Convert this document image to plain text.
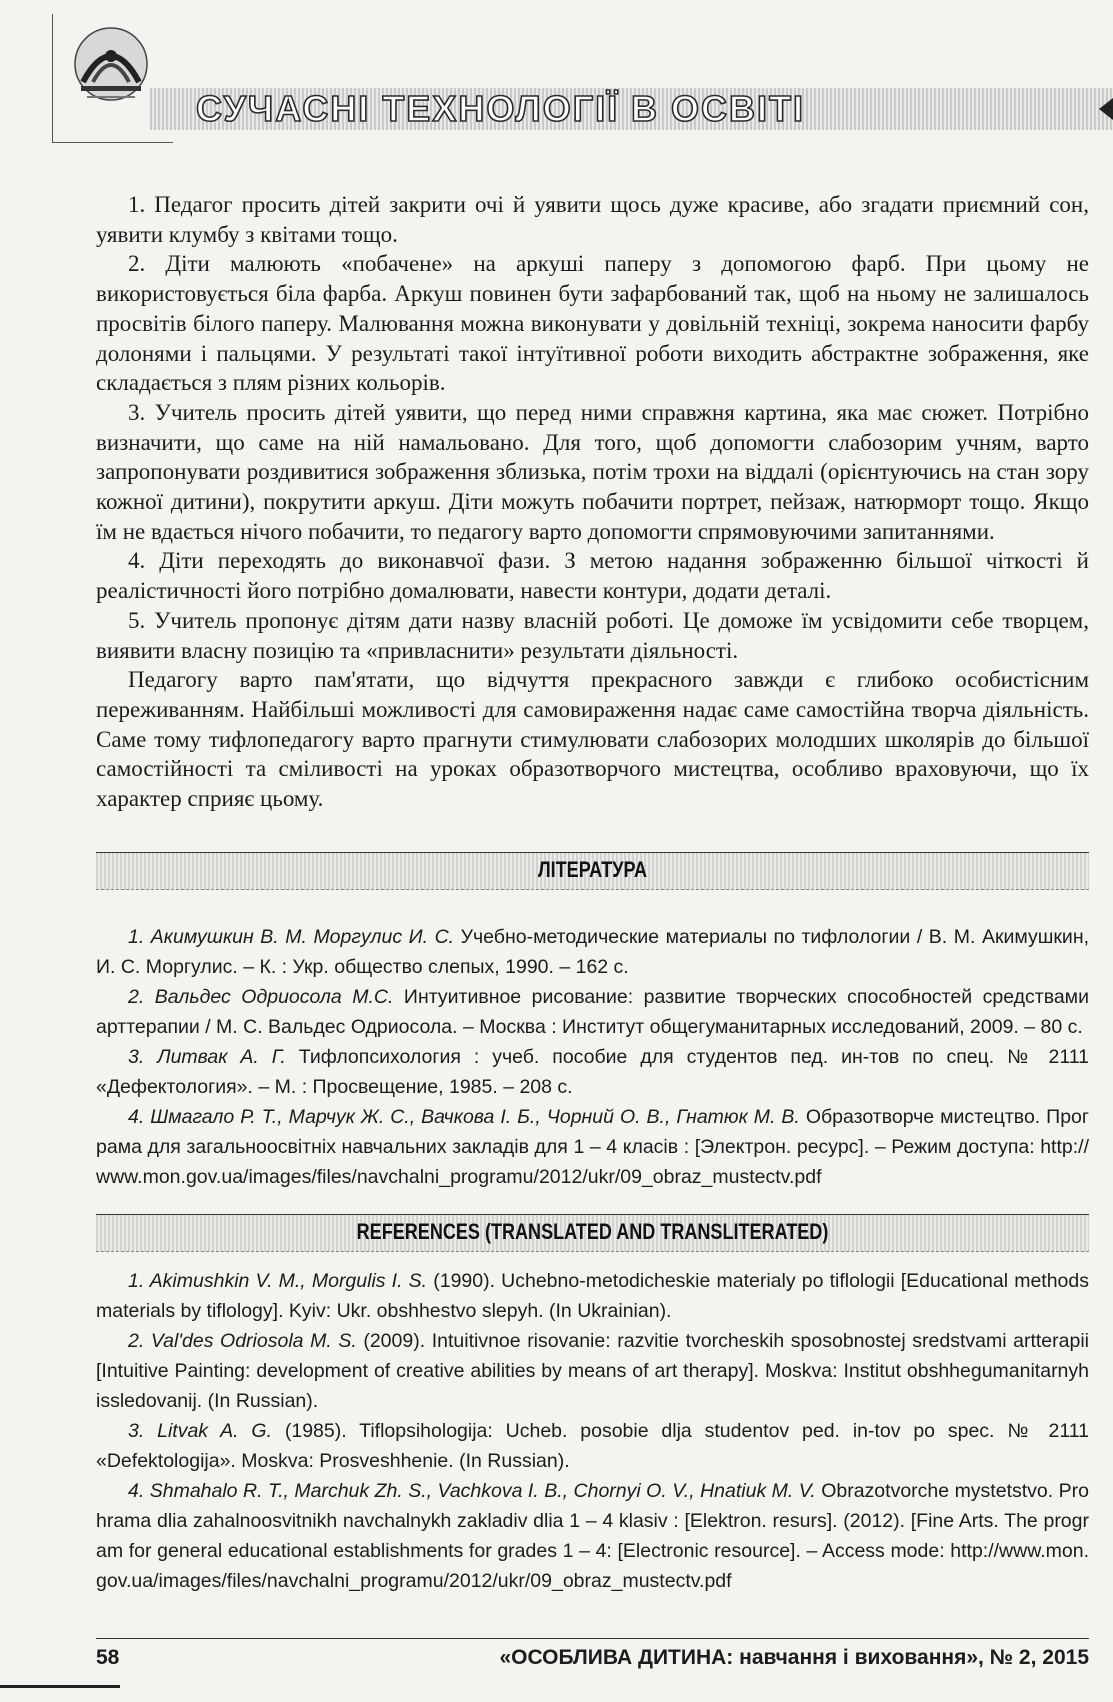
СУЧАСНІ ТЕХНОЛОГІЇ В ОСВІТІ

1. Педагог просить дітей закрити очі й уявити щось дуже красиве, або згадати приємний сон, уявити клумбу з квітами тощо.

2. Діти малюють «побачене» на аркуші паперу з допомогою фарб. При цьому не використовується біла фарба. Аркуш повинен бути зафарбований так, щоб на ньому не залишалось просвітів білого паперу. Малювання можна виконувати у довільній техніці, зокрема наносити фарбу долонями і пальцями. У результаті такої інтуїтивної роботи виходить абстрактне зображення, яке складається з плям різних кольорів.

3. Учитель просить дітей уявити, що перед ними справжня картина, яка має сюжет. Потрібно визначити, що саме на ній намальовано. Для того, щоб допомогти слабозорим учням, варто запропонувати роздивитися зображення зблизька, потім трохи на віддалі (орієнтуючись на стан зору кожної дитини), покрутити аркуш. Діти можуть побачити портрет, пейзаж, натюрморт тощо. Якщо їм не вдається нічого побачити, то педагогу варто допомогти спрямовуючими запитаннями.

4. Діти переходять до виконавчої фази. З метою надання зображенню більшої чіткості й реалістичності його потрібно домалювати, навести контури, додати деталі.

5. Учитель пропонує дітям дати назву власній роботі. Це доможе їм усвідомити себе творцем, виявити власну позицію та «привласнити» результати діяльності.

Педагогу варто пам'ятати, що відчуття прекрасного завжди є глибоко особистісним переживанням. Найбільші можливості для самовираження надає саме самостійна творча діяльність. Саме тому тифлопедагогу варто прагнути стимулювати слабозорих молодших школярів до більшої самостійності та сміливості на уроках образотворчого мистецтва, особливо враховуючи, що їх характер сприяє цьому.

ЛІТЕРАТУРА

1. Акимушкин В. М. Моргулис И. С. Учебно-методические материалы по тифлологии / В. М. Акимушкин, И. С. Моргулис. – К. : Укр. общество слепых, 1990. – 162 с.

2. Вальдес Одриосола М.С. Интуитивное рисование: развитие творческих способностей средствами арттерапии / М. С. Вальдес Одриосола. – Москва : Институт общегуманитарных исследований, 2009. – 80 с.

3. Литвак А. Г. Тифлопсихология : учеб. пособие для студентов пед. ин-тов по спец. № 2111 «Дефектология». – М. : Просвещение, 1985. – 208 с.

4. Шмагало Р. Т., Марчук Ж. С., Вачкова І. Б., Чорний О. В., Гнатюк М. В. Образотворче мистецтво. Програма для загальноосвітніх навчальних закладів для 1 – 4 класів : [Электрон. ресурс]. – Режим доступа: http://www.mon.gov.ua/images/files/navchalni_programu/2012/ukr/09_obraz_mustectv.pdf

REFERENCES (TRANSLATED AND TRANSLITERATED)

1. Akimushkin V. M., Morgulis I. S. (1990). Uchebno-metodicheskie materialy po tiflologii [Educational methods materials by tiflology]. Kyiv: Ukr. obshhestvo slepyh. (In Ukrainian).

2. Val'des Odriosola M. S. (2009). Intuitivnoe risovanie: razvitie tvorcheskih sposobnostej sredstvami artterapii [Intuitive Painting: development of creative abilities by means of art therapy]. Moskva: Institut obshhegumanitarnyh issledovanij. (In Russian).

3. Litvak A. G. (1985). Tiflopsihologija: Ucheb. posobie dlja studentov ped. in-tov po spec. № 2111 «Defektologija». Moskva: Prosveshhenie. (In Russian).

4. Shmahalo R. T., Marchuk Zh. S., Vachkova I. B., Chornyi O. V., Hnatiuk M. V. Obrazotvorche mystetstvo. Prohrama dlia zahalnoosvitnikh navchalnykh zakladiv dlia 1 – 4 klasiv : [Elektron. resurs]. (2012). [Fine Arts. The program for general educational establishments for grades 1 – 4: [Electronic resource]. – Access mode: http://www.mon.gov.ua/images/files/navchalni_programu/2012/ukr/09_obraz_mustectv.pdf

58	«ОСОБЛИВА ДИТИНА: навчання і виховання», № 2, 2015
